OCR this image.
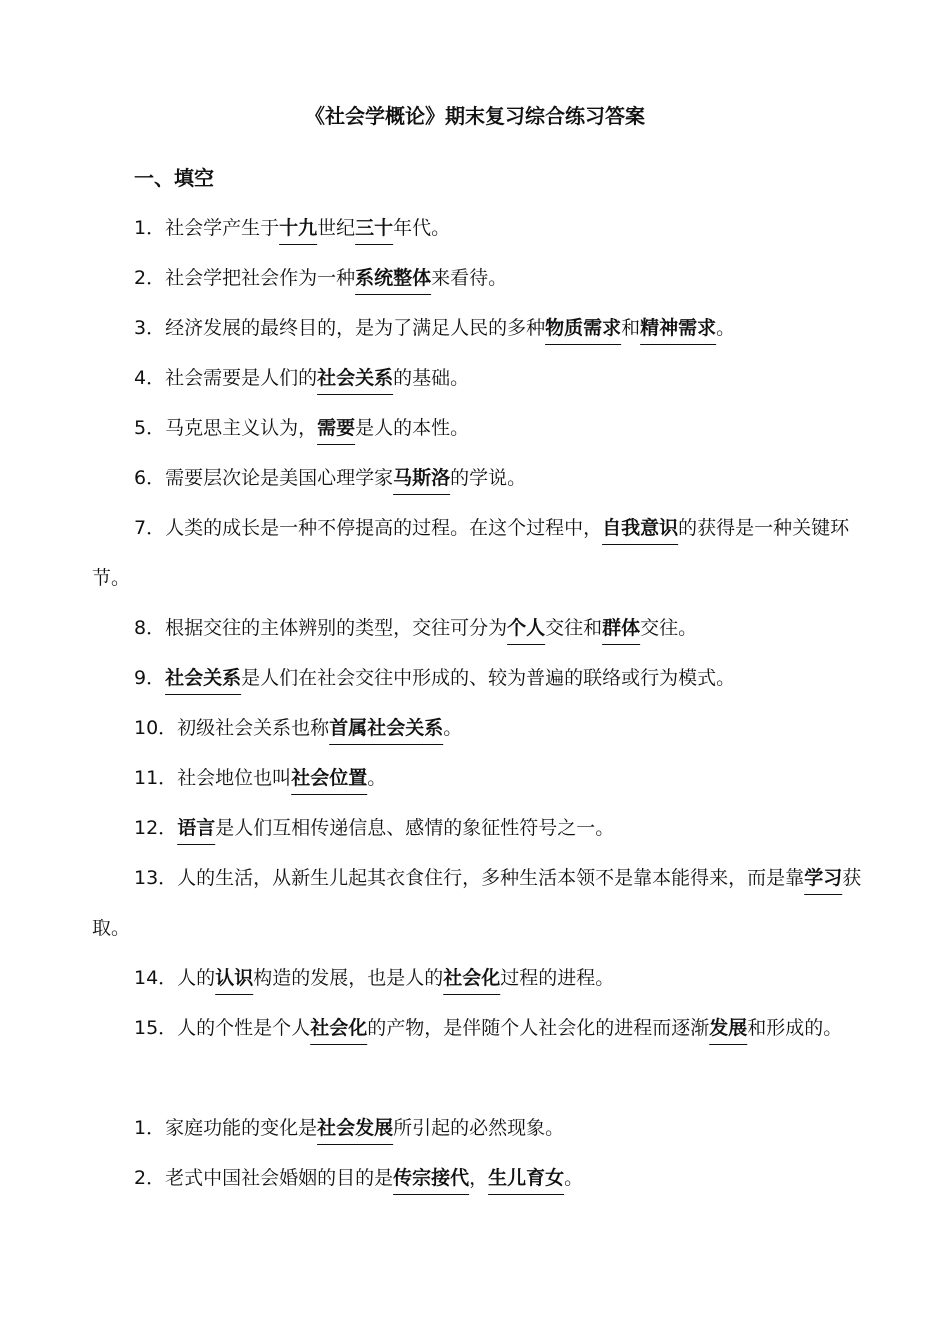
《社会学概论》期末复习综合练习答案
一、填空
1．社会学产生于十九世纪三十年代。
2．社会学把社会作为一种系统整体来看待。
3．经济发展的最终目的，是为了满足人民的多种物质需求和精神需求。
4．社会需要是人们的社会关系的基础。
5．马克思主义认为，需要是人的本性。
6．需要层次论是美国心理学家马斯洛的学说。
7．人类的成长是一种不停提高的过程。在这个过程中，自我意识的获得是一种关键环节。
8．根据交往的主体辨别的类型，交往可分为个人交往和群体交往。
9．社会关系是人们在社会交往中形成的、较为普遍的联络或行为模式。
10．初级社会关系也称首属社会关系。
11．社会地位也叫社会位置。
12．语言是人们互相传递信息、感情的象征性符号之一。
13．人的生活，从新生儿起其衣食住行，多种生活本领不是靠本能得来，而是靠学习获取。
14．人的认识构造的发展，也是人的社会化过程的进程。
15．人的个性是个人社会化的产物，是伴随个人社会化的进程而逐渐发展和形成的。
1．家庭功能的变化是社会发展所引起的必然现象。
2．老式中国社会婚姻的目的是传宗接代，生儿育女。
